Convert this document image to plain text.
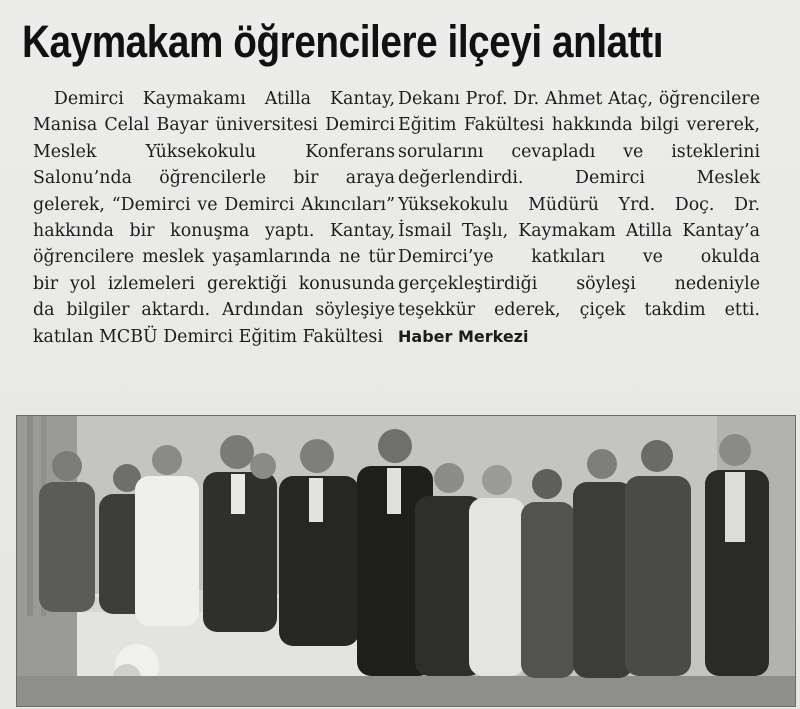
Kaymakam öğrencilere ilçeyi anlattı

Demirci Kaymakamı Atilla Kantay, Manisa Celal Bayar üniversitesi Demirci Meslek Yüksekokulu Konferans Salonu’nda öğrencilerle bir araya gelerek, “Demirci ve Demirci Akıncıları” hakkında bir konuşma yaptı. Kantay, öğrencilere meslek yaşamlarında ne tür bir yol izlemeleri gerektiği konusunda da bilgiler aktardı. Ardından söyleşiye katılan MCBÜ Demirci Eğitim Fakültesi

Dekanı Prof. Dr. Ahmet Ataç, öğrencilere Eğitim Fakültesi hakkında bilgi vererek, sorularını cevapladı ve isteklerini değerlendirdi. Demirci Meslek Yüksekokulu Müdürü Yrd. Doç. Dr. İsmail Taşlı, Kaymakam Atilla Kantay’a Demirci’ye katkıları ve okulda gerçekleştirdiği söyleşi nedeniyle teşekkür ederek, çiçek takdim etti. Haber Merkezi
